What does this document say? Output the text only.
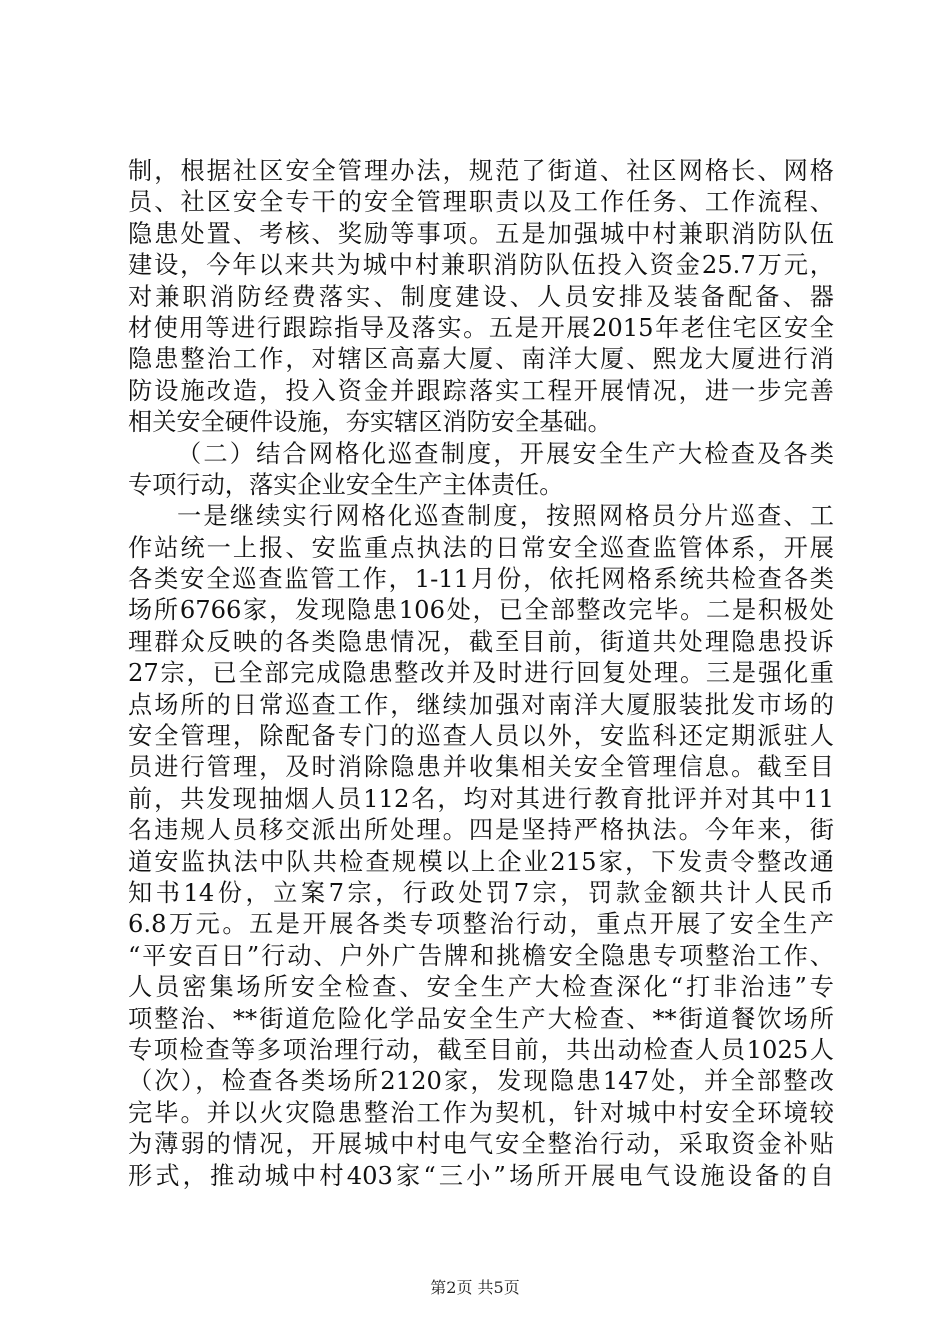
制，根据社区安全管理办法，规范了街道、社区网格长、网格
员、社区安全专干的安全管理职责以及工作任务、工作流程、
隐患处置、考核、奖励等事项。五是加强城中村兼职消防队伍
建设，今年以来共为城中村兼职消防队伍投入资金25.7万元，
对兼职消防经费落实、制度建设、人员安排及装备配备、器
材使用等进行跟踪指导及落实。五是开展2015年老住宅区安全
隐患整治工作，对辖区高嘉大厦、南洋大厦、熙龙大厦进行消
防设施改造，投入资金并跟踪落实工程开展情况，进一步完善
相关安全硬件设施，夯实辖区消防安全基础。
（二）结合网格化巡查制度，开展安全生产大检查及各类
专项行动，落实企业安全生产主体责任。
一是继续实行网格化巡查制度，按照网格员分片巡查、工
作站统一上报、安监重点执法的日常安全巡查监管体系，开展
各类安全巡查监管工作，1-11月份，依托网格系统共检查各类
场所6766家，发现隐患106处，已全部整改完毕。二是积极处
理群众反映的各类隐患情况，截至目前，街道共处理隐患投诉
27宗，已全部完成隐患整改并及时进行回复处理。三是强化重
点场所的日常巡查工作，继续加强对南洋大厦服装批发市场的
安全管理，除配备专门的巡查人员以外，安监科还定期派驻人
员进行管理，及时消除隐患并收集相关安全管理信息。截至目
前，共发现抽烟人员112名，均对其进行教育批评并对其中11
名违规人员移交派出所处理。四是坚持严格执法。今年来，街
道安监执法中队共检查规模以上企业215家，下发责令整改通
知书14份，立案7宗，行政处罚7宗，罚款金额共计人民币
6.8万元。五是开展各类专项整治行动，重点开展了安全生产
“平安百日”行动、户外广告牌和挑檐安全隐患专项整治工作、
人员密集场所安全检查、安全生产大检查深化“打非治违”专
项整治、**街道危险化学品安全生产大检查、**街道餐饮场所
专项检查等多项治理行动，截至目前，共出动检查人员1025人
（次），检查各类场所2120家，发现隐患147处，并全部整改
完毕。并以火灾隐患整治工作为契机，针对城中村安全环境较
为薄弱的情况，开展城中村电气安全整治行动，采取资金补贴
形式，推动城中村403家“三小”场所开展电气设施设备的自
第2页 共5页
